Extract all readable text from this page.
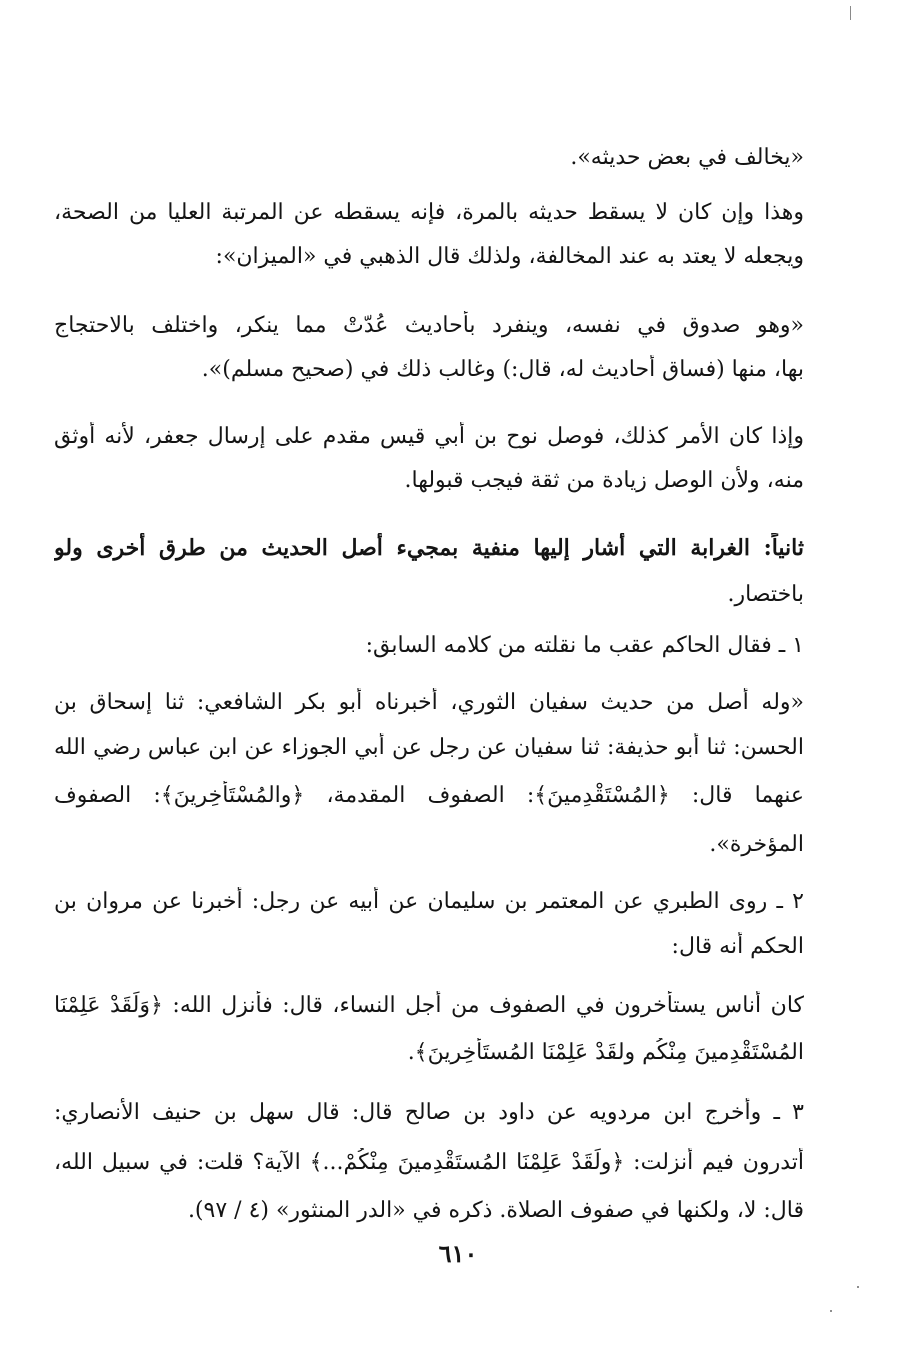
«يخالف في بعض حديثه».
وهذا وإن كان لا يسقط حديثه بالمرة، فإنه يسقطه عن المرتبة العليا من الصحة،
ويجعله لا يعتد به عند المخالفة، ولذلك قال الذهبي في «الميزان»:
«وهو صدوق في نفسه، وينفرد بأحاديث عُدّتْ مما ينكر، واختلف بالاحتجاج
بها، منها (فساق أحاديث له، قال:) وغالب ذلك في (صحيح مسلم)».
وإذا كان الأمر كذلك، فوصل نوح بن أبي قيس مقدم على إرسال جعفر، لأنه أوثق
منه، ولأن الوصل زيادة من ثقة فيجب قبولها.
ثانياً: الغرابة التي أشار إليها منفية بمجيء أصل الحديث من طرق أخرى ولو
باختصار.
١ ـ فقال الحاكم عقب ما نقلته من كلامه السابق:
«وله أصل من حديث سفيان الثوري، أخبرناه أبو بكر الشافعي: ثنا إسحاق بن
الحسن: ثنا أبو حذيفة: ثنا سفيان عن رجل عن أبي الجوزاء عن ابن عباس رضي الله
عنهما قال: ﴿المُسْتَقْدِمينَ﴾: الصفوف المقدمة، ﴿والمُسْتَأْخِرينَ﴾: الصفوف
المؤخرة».
٢ ـ روى الطبري عن المعتمر بن سليمان عن أبيه عن رجل: أخبرنا عن مروان بن
الحكم أنه قال:
كان أناس يستأخرون في الصفوف من أجل النساء، قال: فأنزل الله: ﴿وَلَقَدْ عَلِمْنَا
المُسْتَقْدِمينَ مِنْكُم ولقَدْ عَلِمْنَا المُستَأْخِرينَ﴾.
٣ ـ وأخرج ابن مردويه عن داود بن صالح قال: قال سهل بن حنيف الأنصاري:
أتدرون فيم أنزلت: ﴿ولَقَدْ عَلِمْنَا المُستَقْدِمينَ مِنْكُمْ...﴾ الآية؟ قلت: في سبيل الله،
قال: لا، ولكنها في صفوف الصلاة. ذكره في «الدر المنثور» (٤ / ٩٧).
٦١٠
